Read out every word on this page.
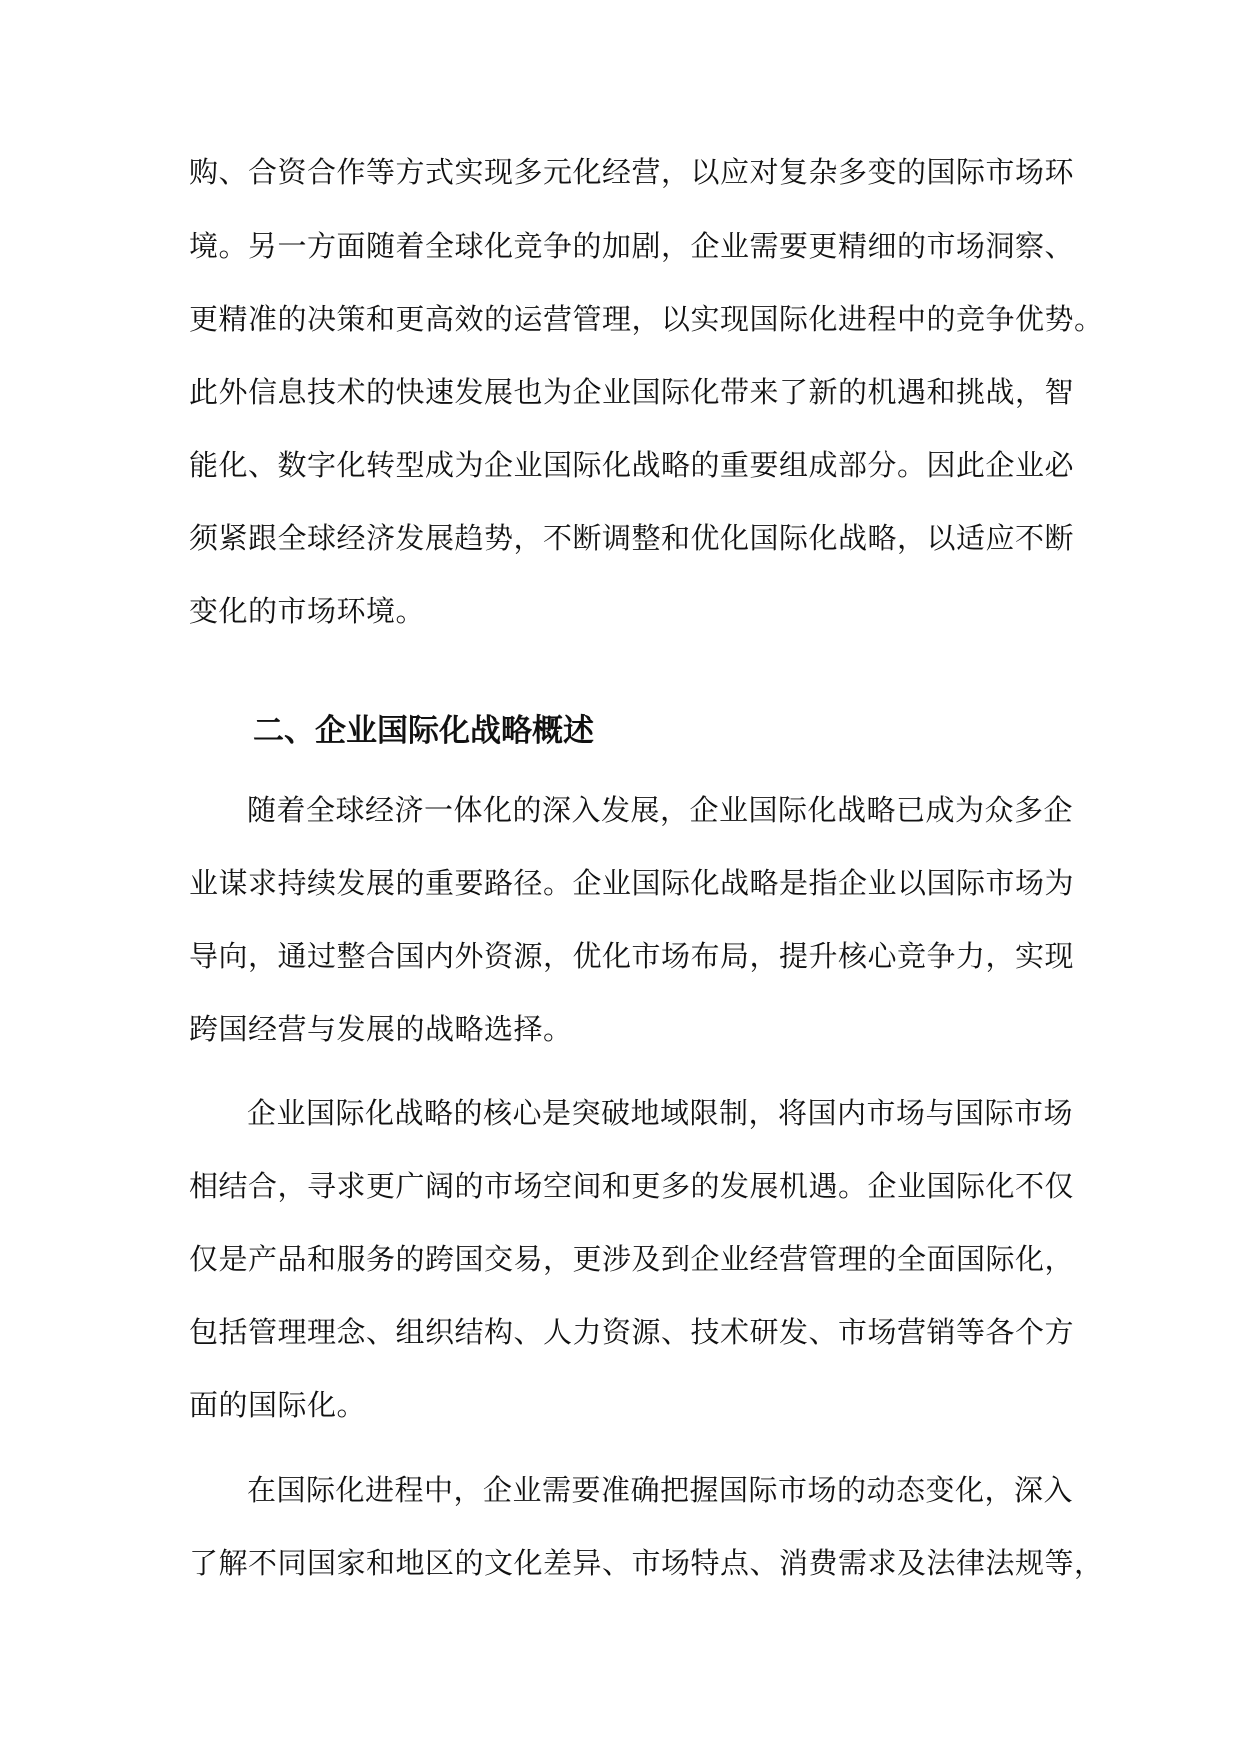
购、合资合作等方式实现多元化经营，以应对复杂多变的国际市场环
境。另一方面随着全球化竞争的加剧，企业需要更精细的市场洞察、
更精准的决策和更高效的运营管理，以实现国际化进程中的竞争优势。
此外信息技术的快速发展也为企业国际化带来了新的机遇和挑战，智
能化、数字化转型成为企业国际化战略的重要组成部分。因此企业必
须紧跟全球经济发展趋势，不断调整和优化国际化战略，以适应不断
变化的市场环境。
二、企业国际化战略概述
随着全球经济一体化的深入发展，企业国际化战略已成为众多企
业谋求持续发展的重要路径。企业国际化战略是指企业以国际市场为
导向，通过整合国内外资源，优化市场布局，提升核心竞争力，实现
跨国经营与发展的战略选择。
企业国际化战略的核心是突破地域限制，将国内市场与国际市场
相结合，寻求更广阔的市场空间和更多的发展机遇。企业国际化不仅
仅是产品和服务的跨国交易，更涉及到企业经营管理的全面国际化，
包括管理理念、组织结构、人力资源、技术研发、市场营销等各个方
面的国际化。
在国际化进程中，企业需要准确把握国际市场的动态变化，深入
了解不同国家和地区的文化差异、市场特点、消费需求及法律法规等，
